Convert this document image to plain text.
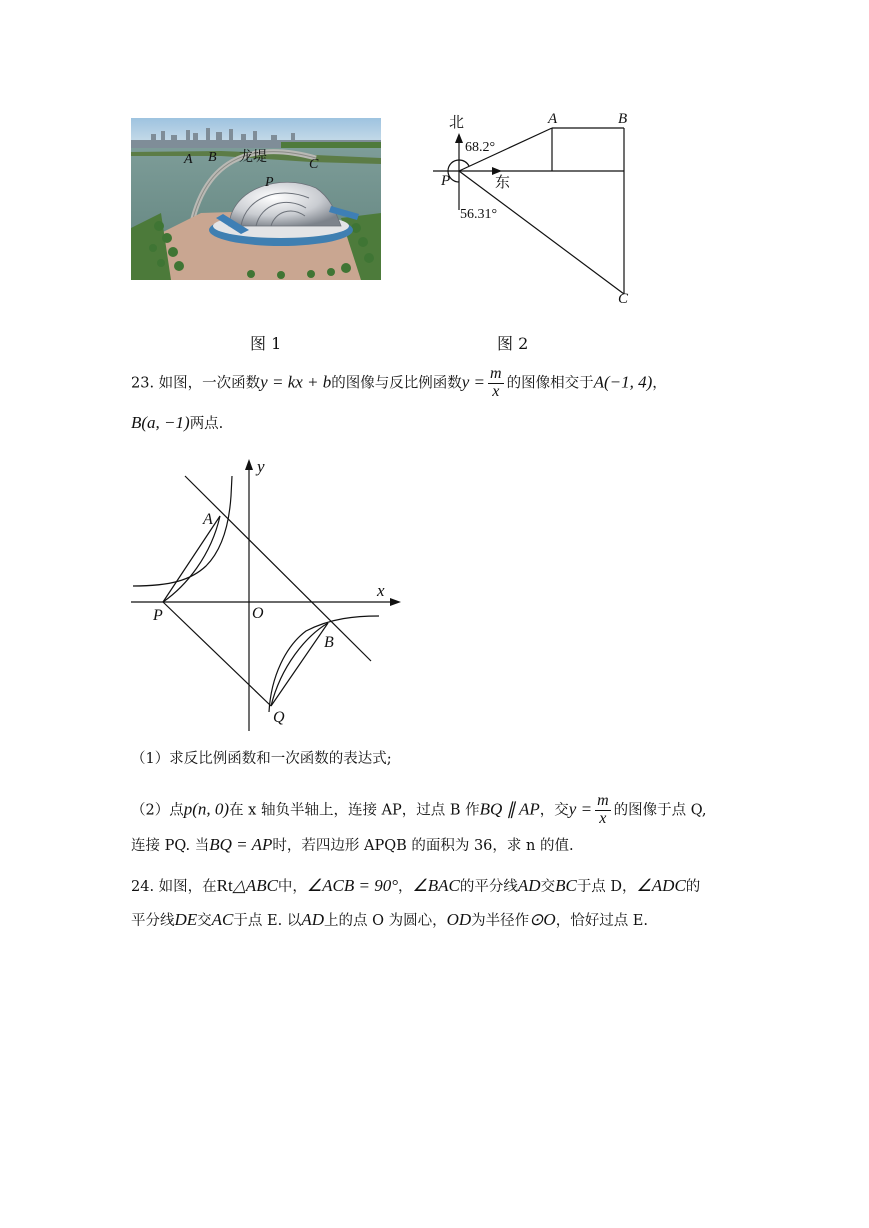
A B 龙堤	C
P
北
东
68.2°
56.31°
A	B
C
P
图 1	图 2
23. 如图，一次函数y = kx + b的图像与反比例函数$y = \frac{m}{x}$ 的图像相交于A(−1, 4)，
B(a, −1)两点.
y
x
O
A
B
P
Q
（1）求反比例函数和一次函数的表达式;
（2）点p(n, 0)在 x 轴负半轴上，连接 AP，过点 B 作BQ ∥ AP，交$y = \frac{m}{x}$ 的图像于点 Q,
连接 PQ. 当BQ = AP时，若四边形 APQB 的面积为 36，求 n 的值.
24. 如图，在Rt△ABC中，∠ACB = 90°，∠BAC的平分线AD交BC于点 D，∠ADC的
平分线DE交AC于点 E. 以AD上的点 O 为圆心，OD为半径作⊙O，恰好过点 E.
